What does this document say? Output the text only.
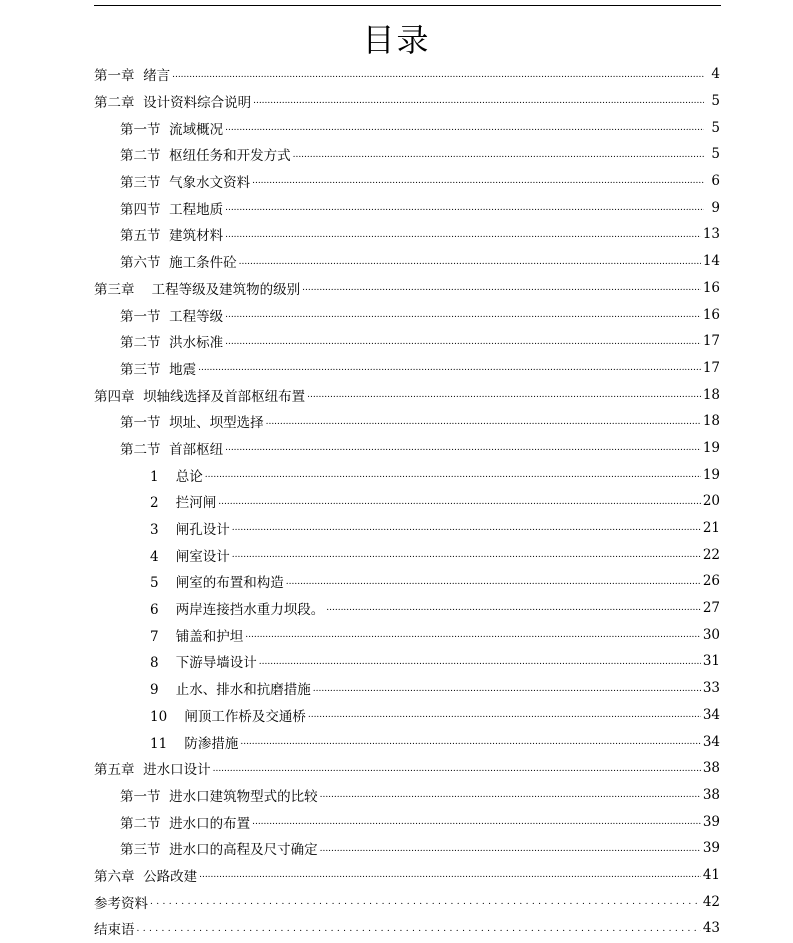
目录
第一章  绪言 .....	4
第二章  设计资料综合说明 .....	5
第一节  流域概况 .....	5
第二节  枢纽任务和开发方式 .....	5
第三节  气象水文资料 .....	6
第四节  工程地质 .....	9
第五节  建筑材料 .....	13
第六节  施工条件砼 .....	14
第三章    工程等级及建筑物的级别 .....	16
第一节  工程等级 .....	16
第二节  洪水标准 .....	17
第三节  地震 .....	17
第四章  坝轴线选择及首部枢纽布置 .....	18
第一节  坝址、坝型选择 .....	18
第二节  首部枢纽 .....	19
1    总论 .....	19
2    拦河闸 .....	20
3    闸孔设计 .....	21
4    闸室设计 .....	22
5    闸室的布置和构造 .....	26
6    两岸连接挡水重力坝段。 .....	27
7    铺盖和护坦 .....	30
8    下游导墙设计 .....	31
9    止水、排水和抗磨措施 .....	33
10    闸顶工作桥及交通桥 .....	34
11    防渗措施 .....	34
第五章  进水口设计 .....	38
第一节  进水口建筑物型式的比较 .....	38
第二节  进水口的布置 .....	39
第三节  进水口的高程及尺寸确定 .....	39
第六章  公路改建 .....	41
参考资料 .....	42
结束语 .....	43
